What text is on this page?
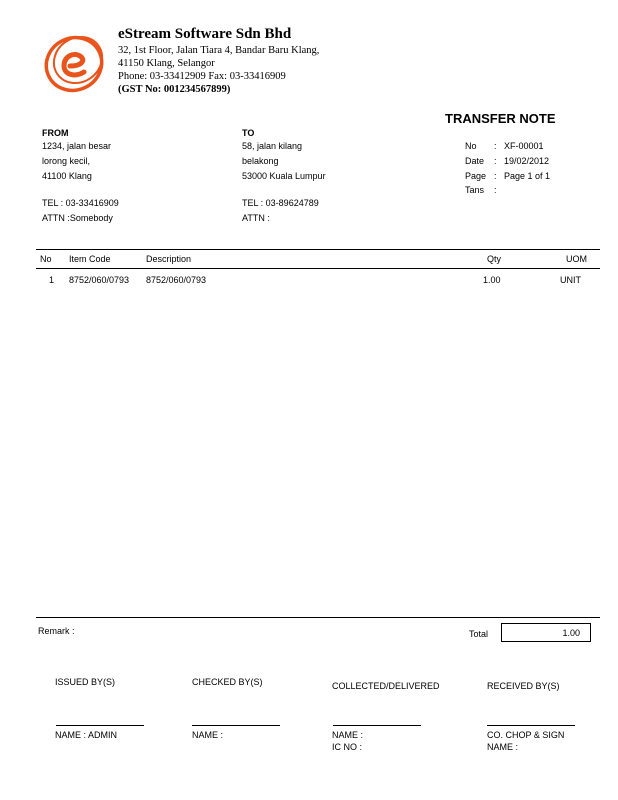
eStream Software Sdn Bhd
32, 1st Floor, Jalan Tiara 4, Bandar Baru Klang,
41150 Klang, Selangor
Phone: 03-33412909 Fax: 03-33416909
(GST No: 001234567899)
TRANSFER NOTE
FROM
1234, jalan besar
lorong kecil,
41100 Klang
TEL : 03-33416909
ATTN :Somebody
TO
58, jalan kilang
belakong
53000 Kuala Lumpur
TEL : 03-89624789
ATTN :
No : XF-00001
Date : 19/02/2012
Page : Page 1 of 1
Tans :
No Item Code	Description	Qty	UOM
1 8752/060/0793 8752/060/0793	1.00	UNIT
Remark :	Total	1.00
ISSUED BY(S)	CHECKED BY(S)	COLLECTED/DELIVERED	RECEIVED BY(S)
NAME : ADMIN	NAME :	NAME :
IC NO :
CO. CHOP & SIGN
NAME :
